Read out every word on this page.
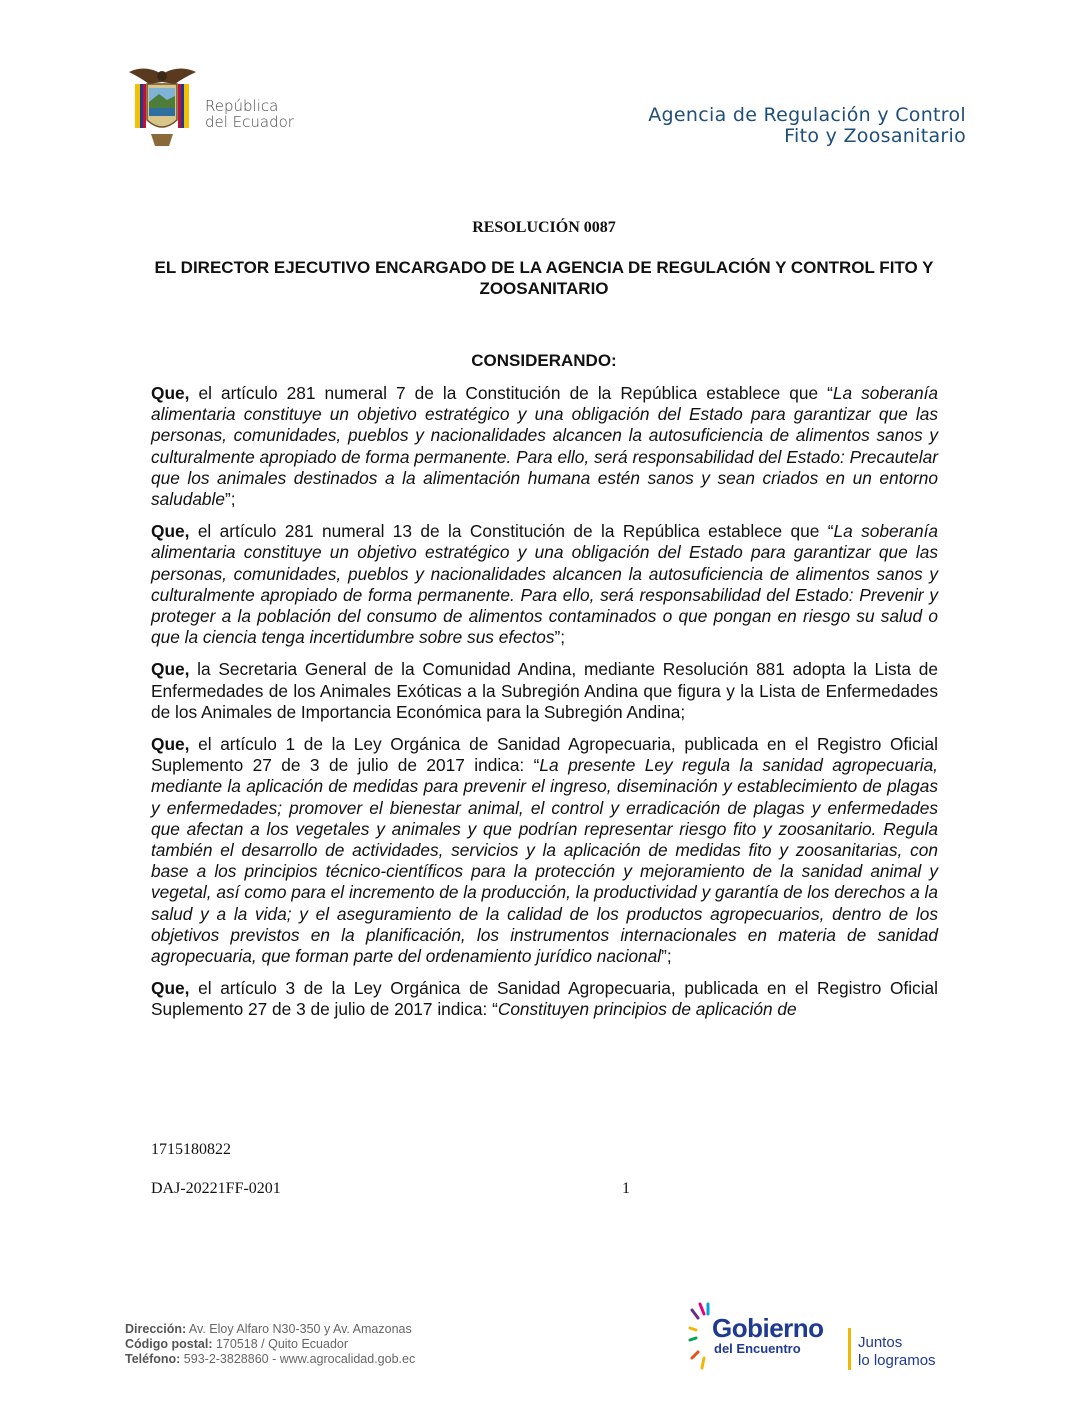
República
del Ecuador	Agencia de Regulación y Control
Fito y Zoosanitario
RESOLUCIÓN 0087
EL DIRECTOR EJECUTIVO ENCARGADO DE LA AGENCIA DE REGULACIÓN Y CONTROL FITO Y ZOOSANITARIO
CONSIDERANDO:

Que, el artículo 281 numeral 7 de la Constitución de la República establece que “La soberanía alimentaria constituye un objetivo estratégico y una obligación del Estado para garantizar que las personas, comunidades, pueblos y nacionalidades alcancen la autosuficiencia de alimentos sanos y culturalmente apropiado de forma permanente. Para ello, será responsabilidad del Estado: Precautelar que los animales destinados a la alimentación humana estén sanos y sean criados en un entorno saludable”;

Que, el artículo 281 numeral 13 de la Constitución de la República establece que “La soberanía alimentaria constituye un objetivo estratégico y una obligación del Estado para garantizar que las personas, comunidades, pueblos y nacionalidades alcancen la autosuficiencia de alimentos sanos y culturalmente apropiado de forma permanente. Para ello, será responsabilidad del Estado: Prevenir y proteger a la población del consumo de alimentos contaminados o que pongan en riesgo su salud o que la ciencia tenga incertidumbre sobre sus efectos”;

Que, la Secretaria General de la Comunidad Andina, mediante Resolución 881 adopta la Lista de Enfermedades de los Animales Exóticas a la Subregión Andina que figura y la Lista de Enfermedades de los Animales de Importancia Económica para la Subregión Andina;

Que, el artículo 1 de la Ley Orgánica de Sanidad Agropecuaria, publicada en el Registro Oficial Suplemento 27 de 3 de julio de 2017 indica: “La presente Ley regula la sanidad agropecuaria, mediante la aplicación de medidas para prevenir el ingreso, diseminación y establecimiento de plagas y enfermedades; promover el bienestar animal, el control y erradicación de plagas y enfermedades que afectan a los vegetales y animales y que podrían representar riesgo fito y zoosanitario. Regula también el desarrollo de actividades, servicios y la aplicación de medidas fito y zoosanitarias, con base a los principios técnico-científicos para la protección y mejoramiento de la sanidad animal y vegetal, así como para el incremento de la producción, la productividad y garantía de los derechos a la salud y a la vida; y el aseguramiento de la calidad de los productos agropecuarios, dentro de los objetivos previstos en la planificación, los instrumentos internacionales en materia de sanidad agropecuaria, que forman parte del ordenamiento jurídico nacional”;

Que, el artículo 3 de la Ley Orgánica de Sanidad Agropecuaria, publicada en el Registro Oficial Suplemento 27 de 3 de julio de 2017 indica: “Constituyen principios de aplicación de

1715180822
DAJ-20221FF-0201	1
Dirección: Av. Eloy Alfaro N30-350 y Av. Amazonas
Código postal: 170518 / Quito Ecuador
Teléfono: 593-2-3828860 - www.agrocalidad.gob.ec
Gobierno
del Encuentro	Juntos
lo logramos
